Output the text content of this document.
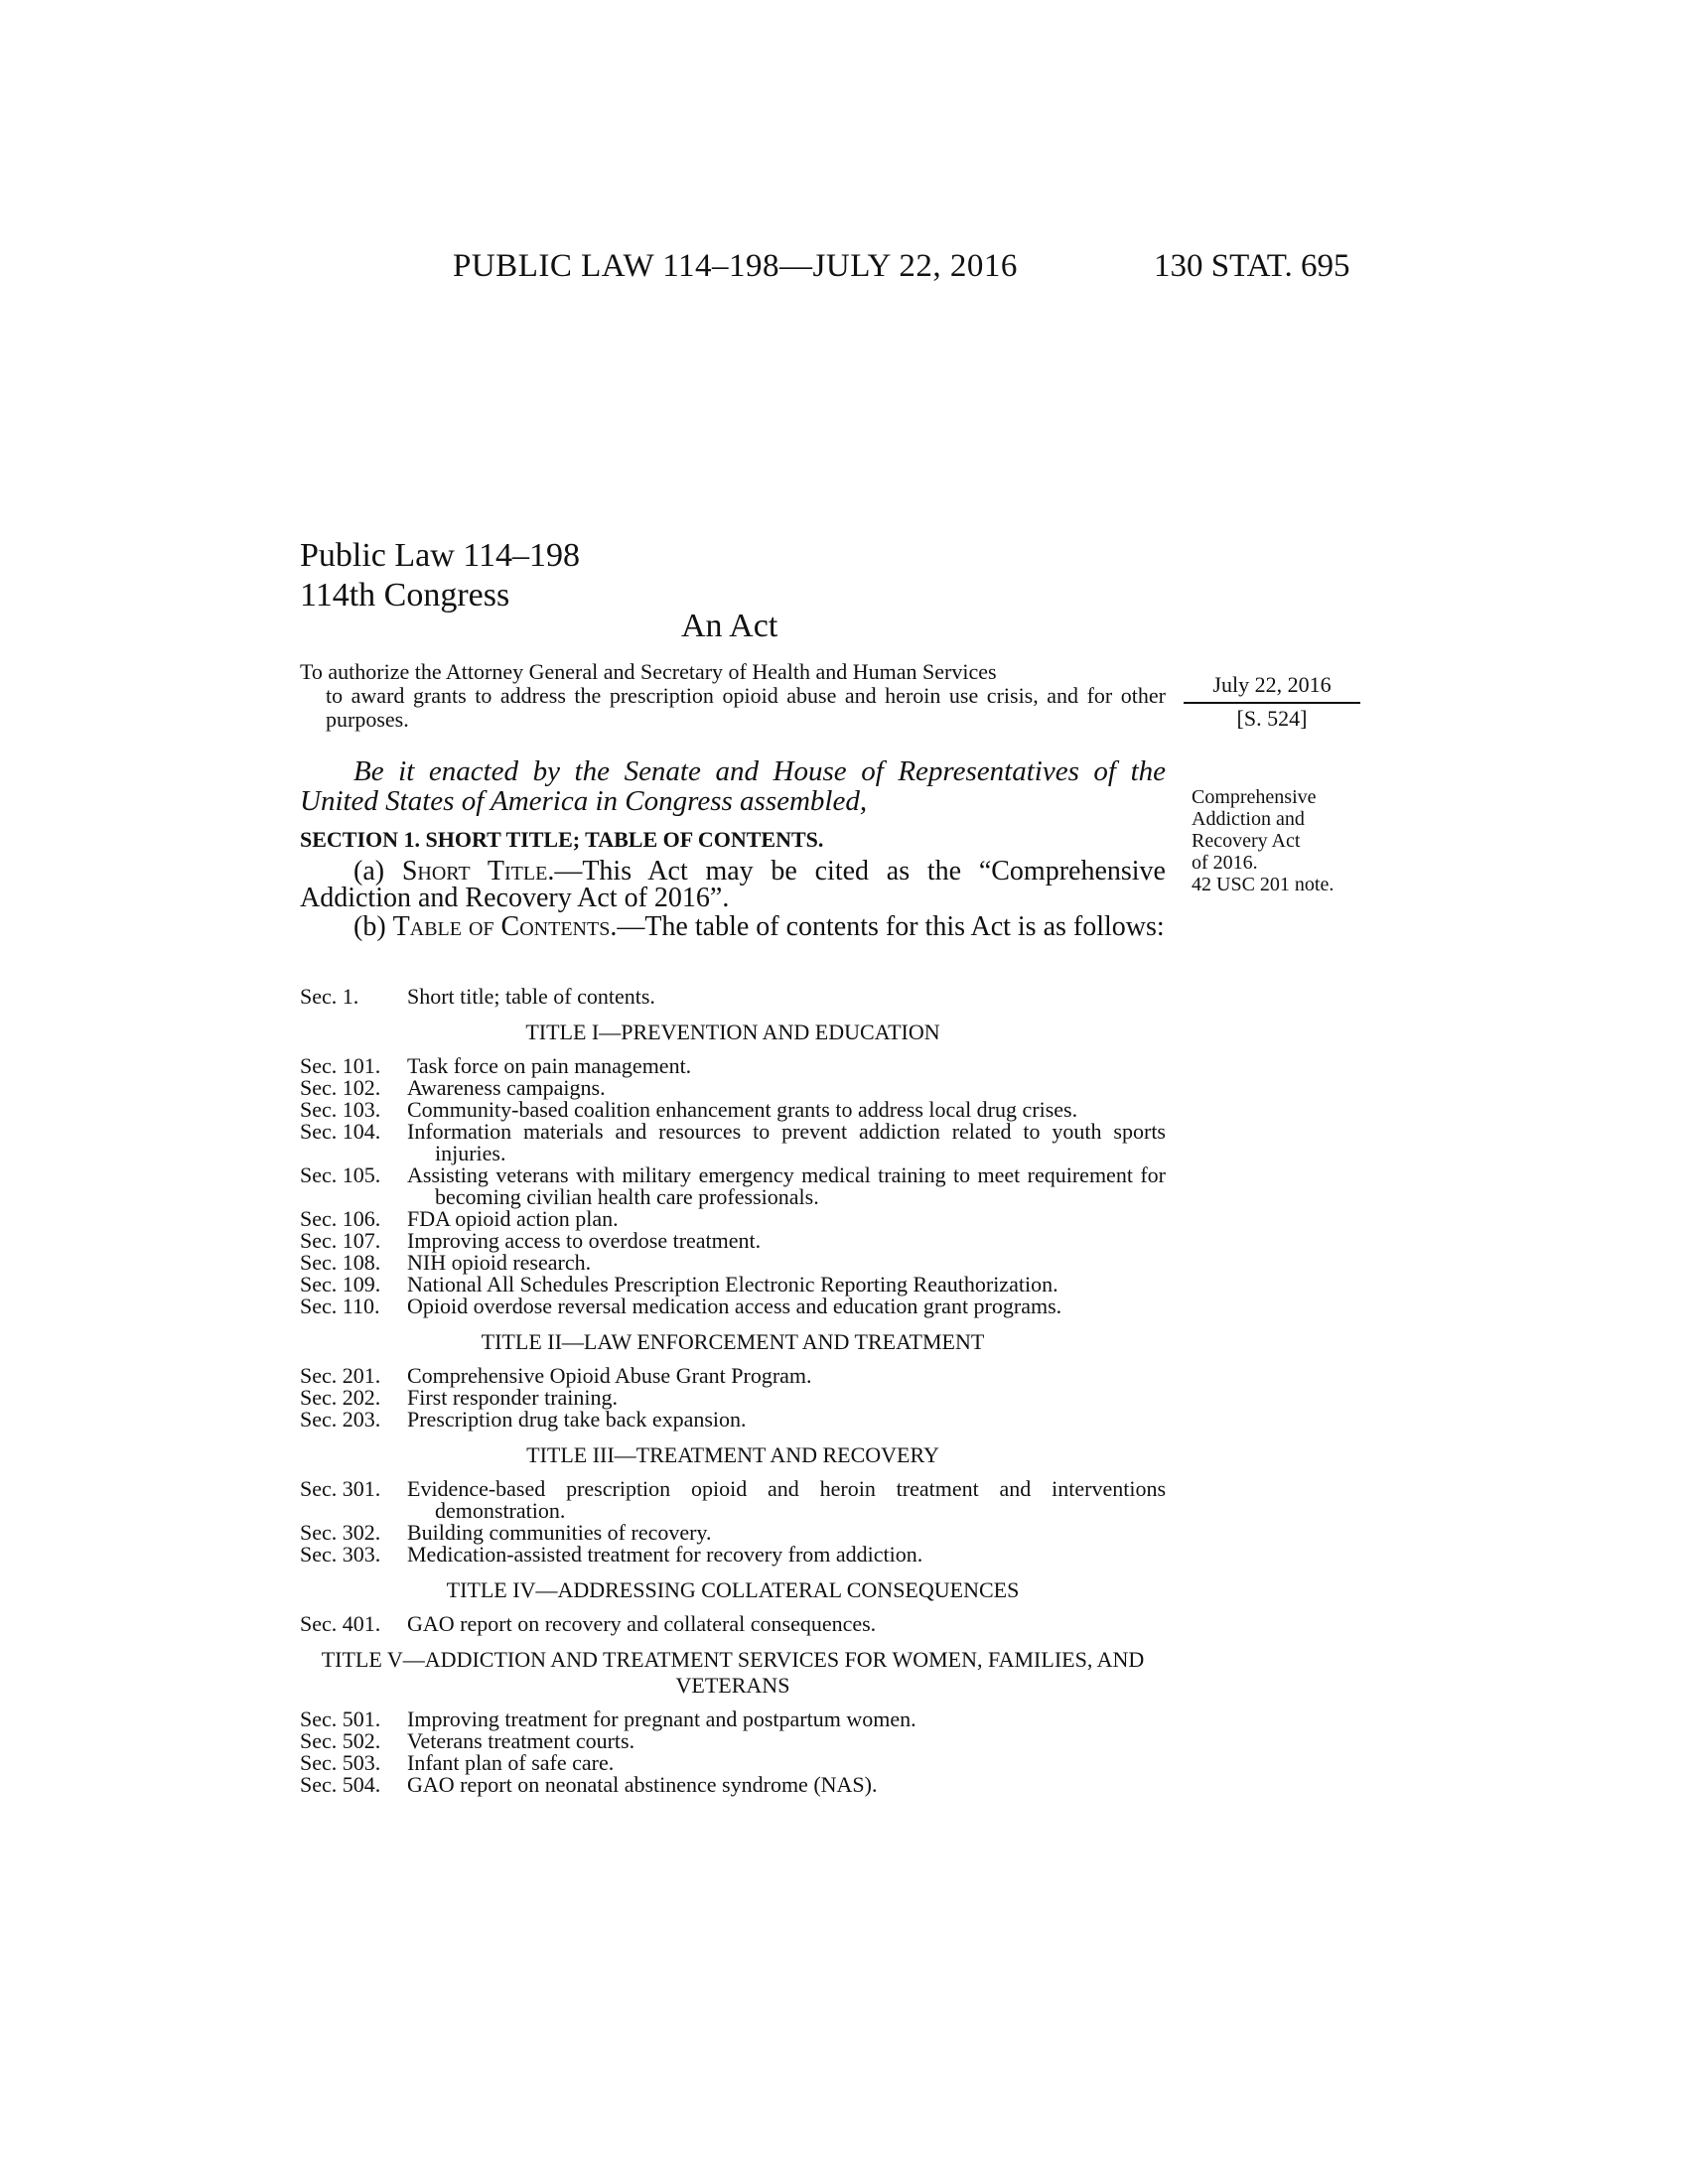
PUBLIC LAW 114–198—JULY 22, 2016	130 STAT. 695
Public Law 114–198
114th Congress
An Act
To authorize the Attorney General and Secretary of Health and Human Services
to award grants to address the prescription opioid abuse and heroin use crisis, and for other purposes.
July 22, 2016
[S. 524]
Be it enacted by the Senate and House of Representatives of the United States of America in Congress assembled,	Comprehensive
Addiction and
Recovery Act
of 2016.
42 USC 201 note.
SECTION 1. SHORT TITLE; TABLE OF CONTENTS.
(a) Short Title.—This Act may be cited as the “Comprehensive Addiction and Recovery Act of 2016”.
(b) Table of Contents.—The table of contents for this Act is as follows:
Sec. 1.	Short title; table of contents.
TITLE I—PREVENTION AND EDUCATION
Sec. 101.	Task force on pain management.
Sec. 102.	Awareness campaigns.
Sec. 103.	Community-based coalition enhancement grants to address local drug crises.
Sec. 104.	Information materials and resources to prevent addiction related to youth sports injuries.
Sec. 105.	Assisting veterans with military emergency medical training to meet requirement for becoming civilian health care professionals.
Sec. 106.	FDA opioid action plan.
Sec. 107.	Improving access to overdose treatment.
Sec. 108.	NIH opioid research.
Sec. 109.	National All Schedules Prescription Electronic Reporting Reauthorization.
Sec. 110.	Opioid overdose reversal medication access and education grant programs.
TITLE II—LAW ENFORCEMENT AND TREATMENT
Sec. 201.	Comprehensive Opioid Abuse Grant Program.
Sec. 202.	First responder training.
Sec. 203.	Prescription drug take back expansion.
TITLE III—TREATMENT AND RECOVERY
Sec. 301.	Evidence-based prescription opioid and heroin treatment and interventions demonstration.
Sec. 302.	Building communities of recovery.
Sec. 303.	Medication-assisted treatment for recovery from addiction.
TITLE IV—ADDRESSING COLLATERAL CONSEQUENCES
Sec. 401.	GAO report on recovery and collateral consequences.
TITLE V—ADDICTION AND TREATMENT SERVICES FOR WOMEN, FAMILIES, AND VETERANS
Sec. 501.	Improving treatment for pregnant and postpartum women.
Sec. 502.	Veterans treatment courts.
Sec. 503.	Infant plan of safe care.
Sec. 504.	GAO report on neonatal abstinence syndrome (NAS).
